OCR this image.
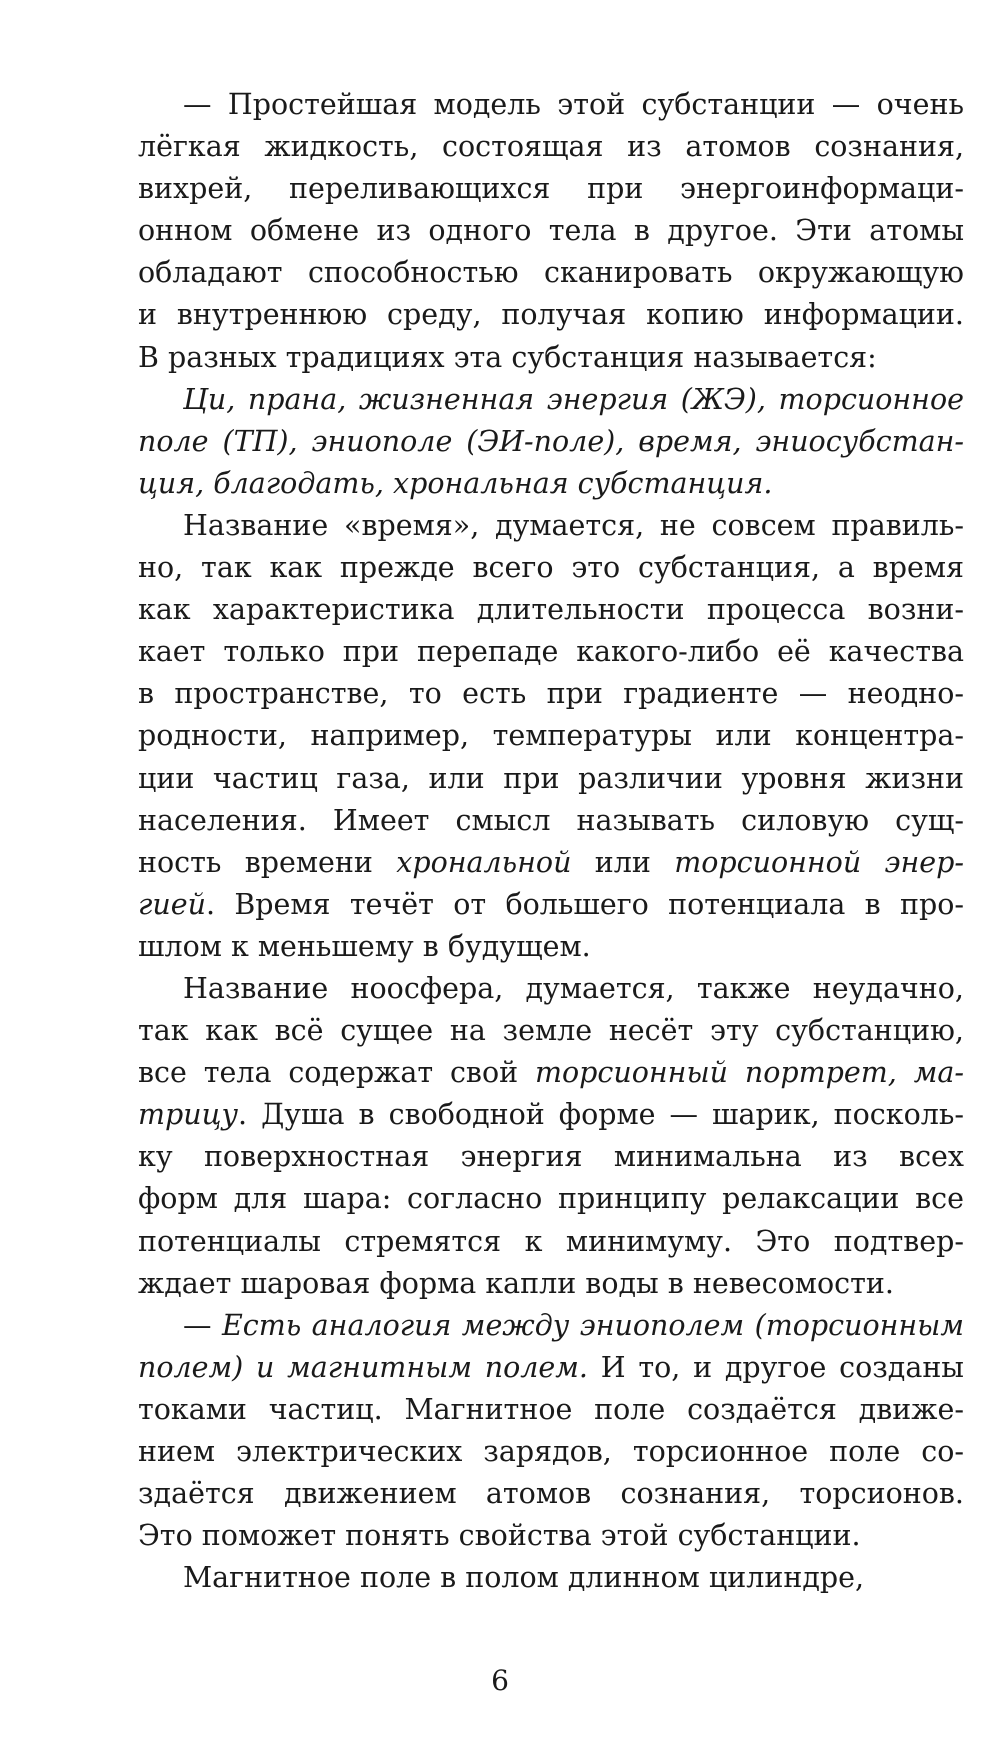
— Простейшая модель этой субстанции — очень
лёгкая жидкость, состоящая из атомов сознания,
вихрей, переливающихся при энергоинформаци-
онном обмене из одного тела в другое. Эти атомы
обладают способностью сканировать окружающую
и внутреннюю среду, получая копию информации.
В разных традициях эта субстанция называется:
Ци, прана, жизненная энергия (ЖЭ), торсионное
поле (ТП), эниополе (ЭИ-поле), время, эниосубстан-
ция, благодать, хрональная субстанция.
Название «время», думается, не совсем правиль-
но, так как прежде всего это субстанция, а время
как характеристика длительности процесса возни-
кает только при перепаде какого-либо её качества
в пространстве, то есть при градиенте — неодно-
родности, например, температуры или концентра-
ции частиц газа, или при различии уровня жизни
населения. Имеет смысл называть силовую сущ-
ность времени хрональной или торсионной энер-
гией. Время течёт от большего потенциала в про-
шлом к меньшему в будущем.
Название ноосфера, думается, также неудачно,
так как всё сущее на земле несёт эту субстанцию,
все тела содержат свой торсионный портрет, ма-
трицу. Душа в свободной форме — шарик, посколь-
ку поверхностная энергия минимальна из всех
форм для шара: согласно принципу релаксации все
потенциалы стремятся к минимуму. Это подтвер-
ждает шаровая форма капли воды в невесомости.
— Есть аналогия между эниополем (торсионным
полем) и магнитным полем. И то, и другое созданы
токами частиц. Магнитное поле создаётся движе-
нием электрических зарядов, торсионное поле со-
здаётся движением атомов сознания, торсионов.
Это поможет понять свойства этой субстанции.
Магнитное поле в полом длинном цилиндре,
6
